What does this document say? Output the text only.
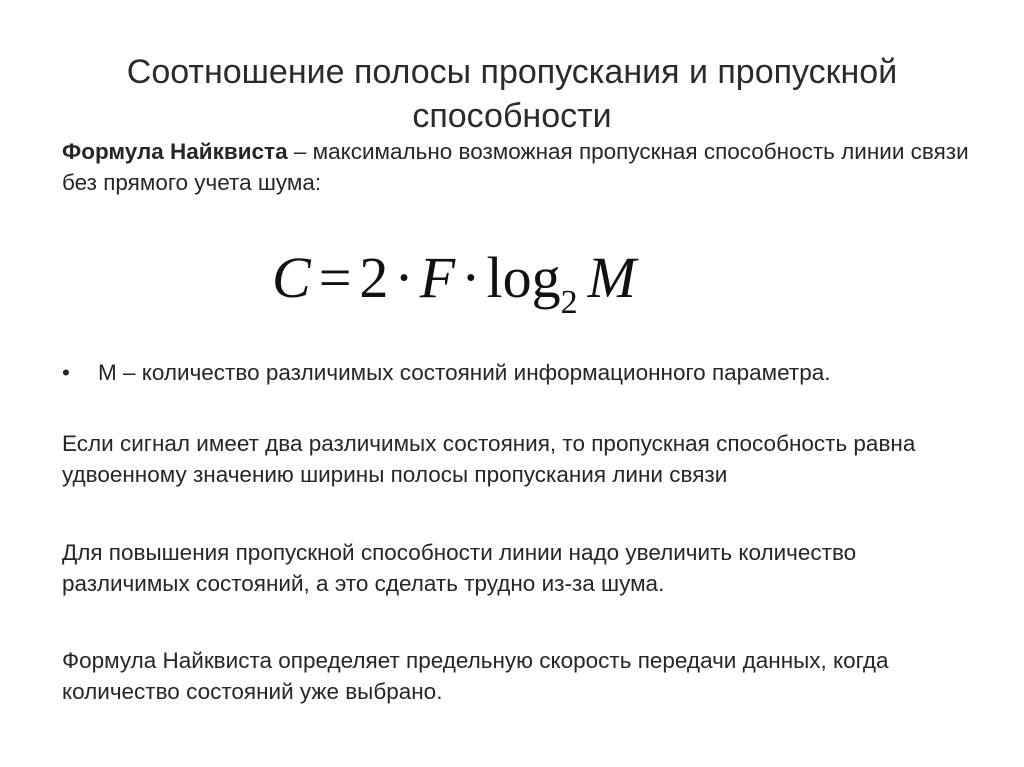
Соотношение полосы пропускания и пропускной
способности
Формула Найквиста – максимально возможная пропускная способность линии связи без прямого учета шума:
$C = 2 \cdot F \cdot \log_2 M$
• М – количество различимых состояний информационного параметра.
Если сигнал имеет два различимых состояния, то пропускная способность равна удвоенному значению ширины полосы пропускания лини связи
Для повышения пропускной способности линии надо увеличить количество различимых состояний, а это сделать трудно из-за шума.
Формула Найквиста определяет предельную скорость передачи данных, когда количество состояний уже выбрано.
